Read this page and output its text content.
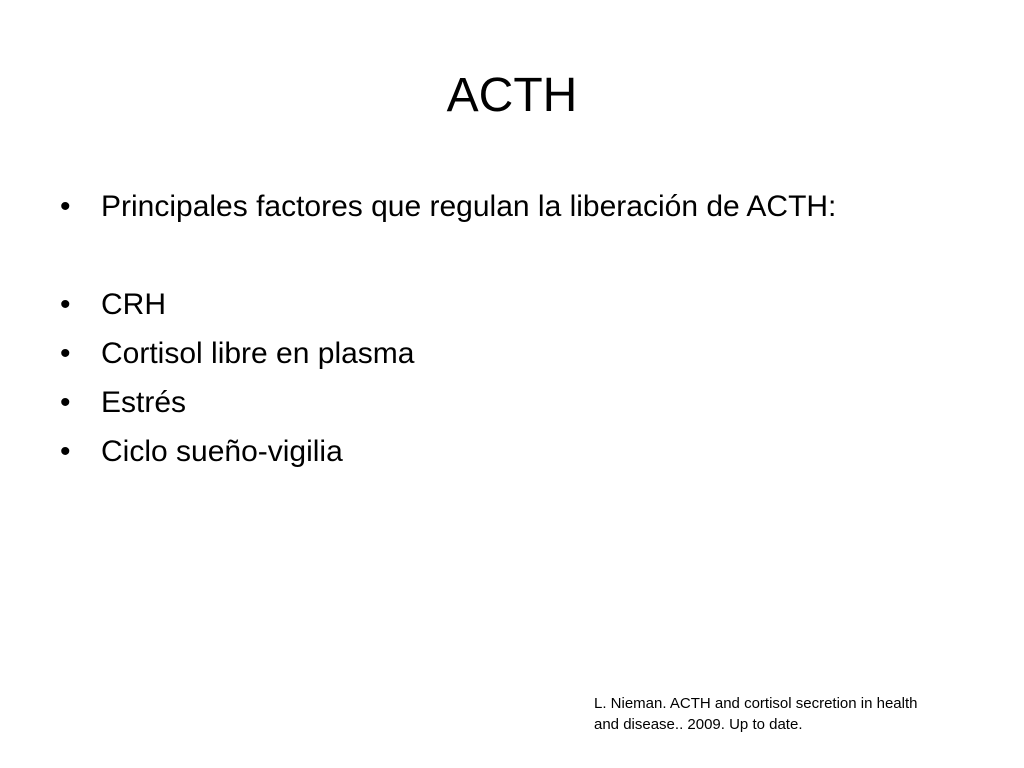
ACTH
•	Principales factores que regulan la liberación de ACTH:
•	CRH
•	Cortisol libre en plasma
•	Estrés
•	Ciclo sueño-vigilia
L. Nieman. ACTH and cortisol secretion in health
and disease.. 2009. Up to date.
